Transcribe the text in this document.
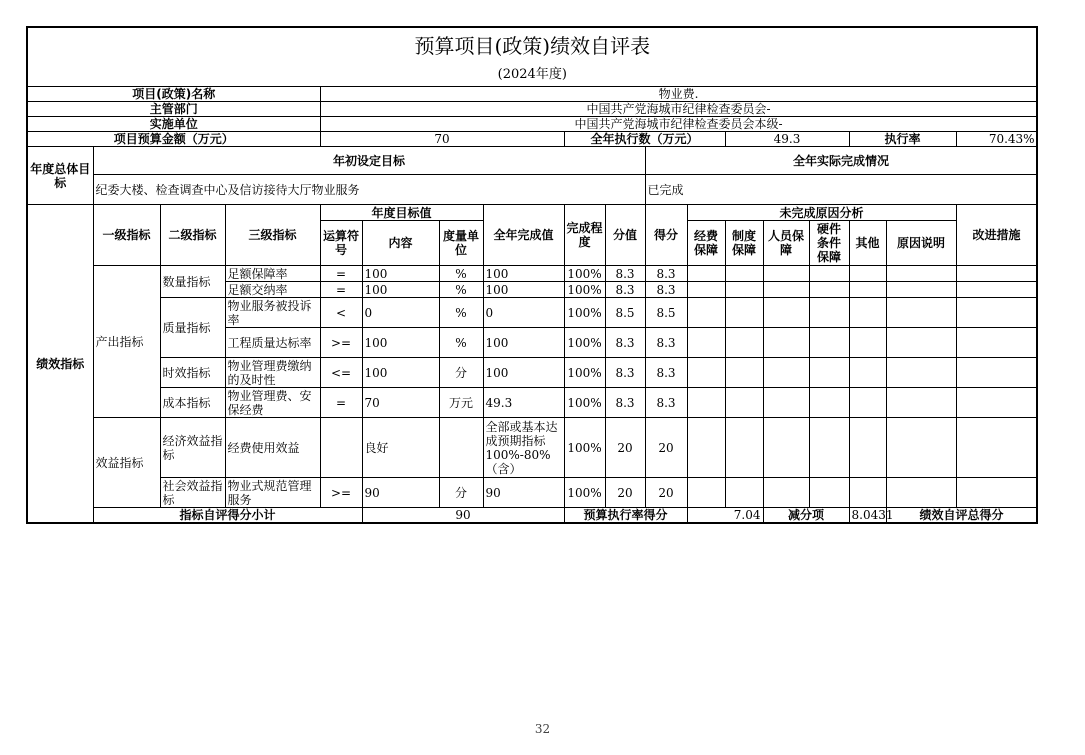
预算项目(政策)绩效自评表																		
(2024年度)																		
项目(政策)名称				物业费.														
主管部门				中国共产党海城市纪律检查委员会-														
实施单位				中国共产党海城市纪律检查委员会本级-														
项目预算金额（万元）				70				全年执行数（万元）				49.3			执行率		70.43%	
年度总体目标	年初设定目标									全年实际完成情况								
	纪委大楼、检查调查中心及信访接待大厅物业服务									已完成								
绩效指标	一级指标	二级指标	三级指标	年度目标值			全年完成值	完成程度	分值	得分	未完成原因分析						改进措施	
				运算符号	内容	度量单位					经费保障	制度保障	人员保障	硬件条件保障	其他	原因说明		
	产出指标	数量指标	足额保障率	=	100	%	100	100%	8.3	8.3								
			足额交纳率	=	100	%	100	100%	8.3	8.3								
		质量指标	物业服务被投诉率	<	0	%	0	100%	8.5	8.5								
			工程质量达标率	>=	100	%	100	100%	8.3	8.3								
		时效指标	物业管理费缴纳的及时性	<=	100	分	100	100%	8.3	8.3								
		成本指标	物业管理费、安保经费	=	70	万元	49.3	100%	8.3	8.3								
	效益指标	经济效益指标	经费使用效益		良好		全部或基本达成预期指标100%-80%（含）	100%	20	20								
		社会效益指标	物业式规范管理服务	>=	90	分	90	100%	20	20								
	指标自评得分小计				90			预算执行率得分			7.04		减分项		8.0431	绩效自评总得分	
32
